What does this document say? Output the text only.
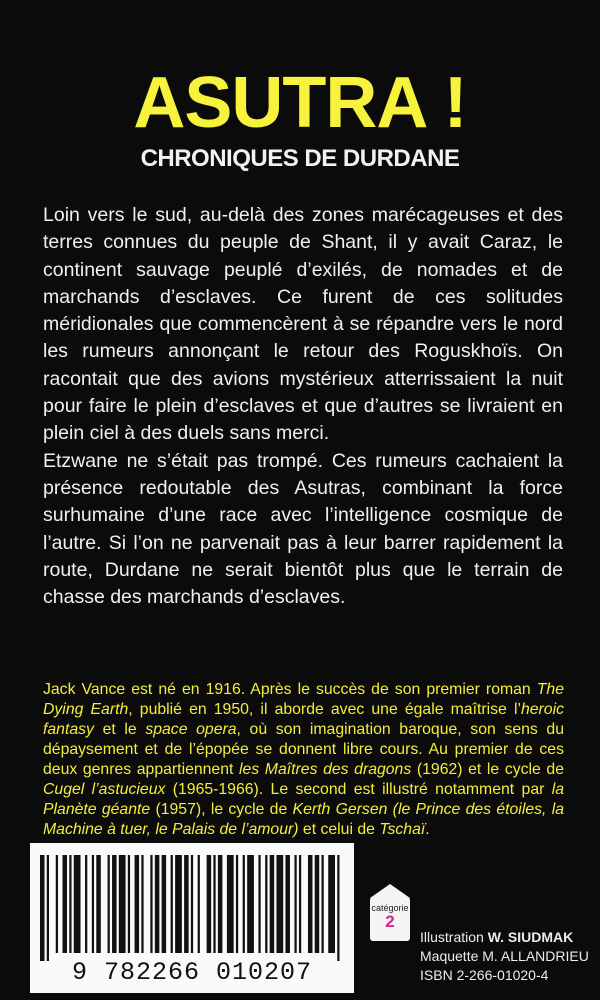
ASUTRA !
CHRONIQUES DE DURDANE

Loin vers le sud, au-delà des zones marécageuses et des terres connues du peuple de Shant, il y avait Caraz, le continent sauvage peuplé d’exilés, de nomades et de marchands d’esclaves. Ce furent de ces solitudes méridionales que commencèrent à se répandre vers le nord les rumeurs annonçant le retour des Roguskhoïs. On racontait que des avions mystérieux atterrissaient la nuit pour faire le plein d’esclaves et que d’autres se livraient en plein ciel à des duels sans merci.

Etzwane ne s’était pas trompé. Ces rumeurs cachaient la présence redoutable des Asutras, combinant la force surhumaine d’une race avec l’intelligence cosmique de l’autre. Si l’on ne parvenait pas à leur barrer rapidement la route, Durdane ne serait bientôt plus que le terrain de chasse des marchands d’esclaves.

Jack Vance est né en 1916. Après le succès de son premier roman The Dying Earth, publié en 1950, il aborde avec une égale maîtrise l’heroic fantasy et le space opera, où son imagination baroque, son sens du dépaysement et de l’épopée se donnent libre cours. Au premier de ces deux genres appartiennent les Maîtres des dragons (1962) et le cycle de Cugel l’astucieux (1965-1966). Le second est illustré notamment par la Planète géante (1957), le cycle de Kerth Gersen (le Prince des étoiles, la Machine à tuer, le Palais de l’amour) et celui de Tschaï.
9 782266 010207
catégorie
2
Illustration W. SIUDMAK
Maquette M. ALLANDRIEU
ISBN 2-266-01020-4
